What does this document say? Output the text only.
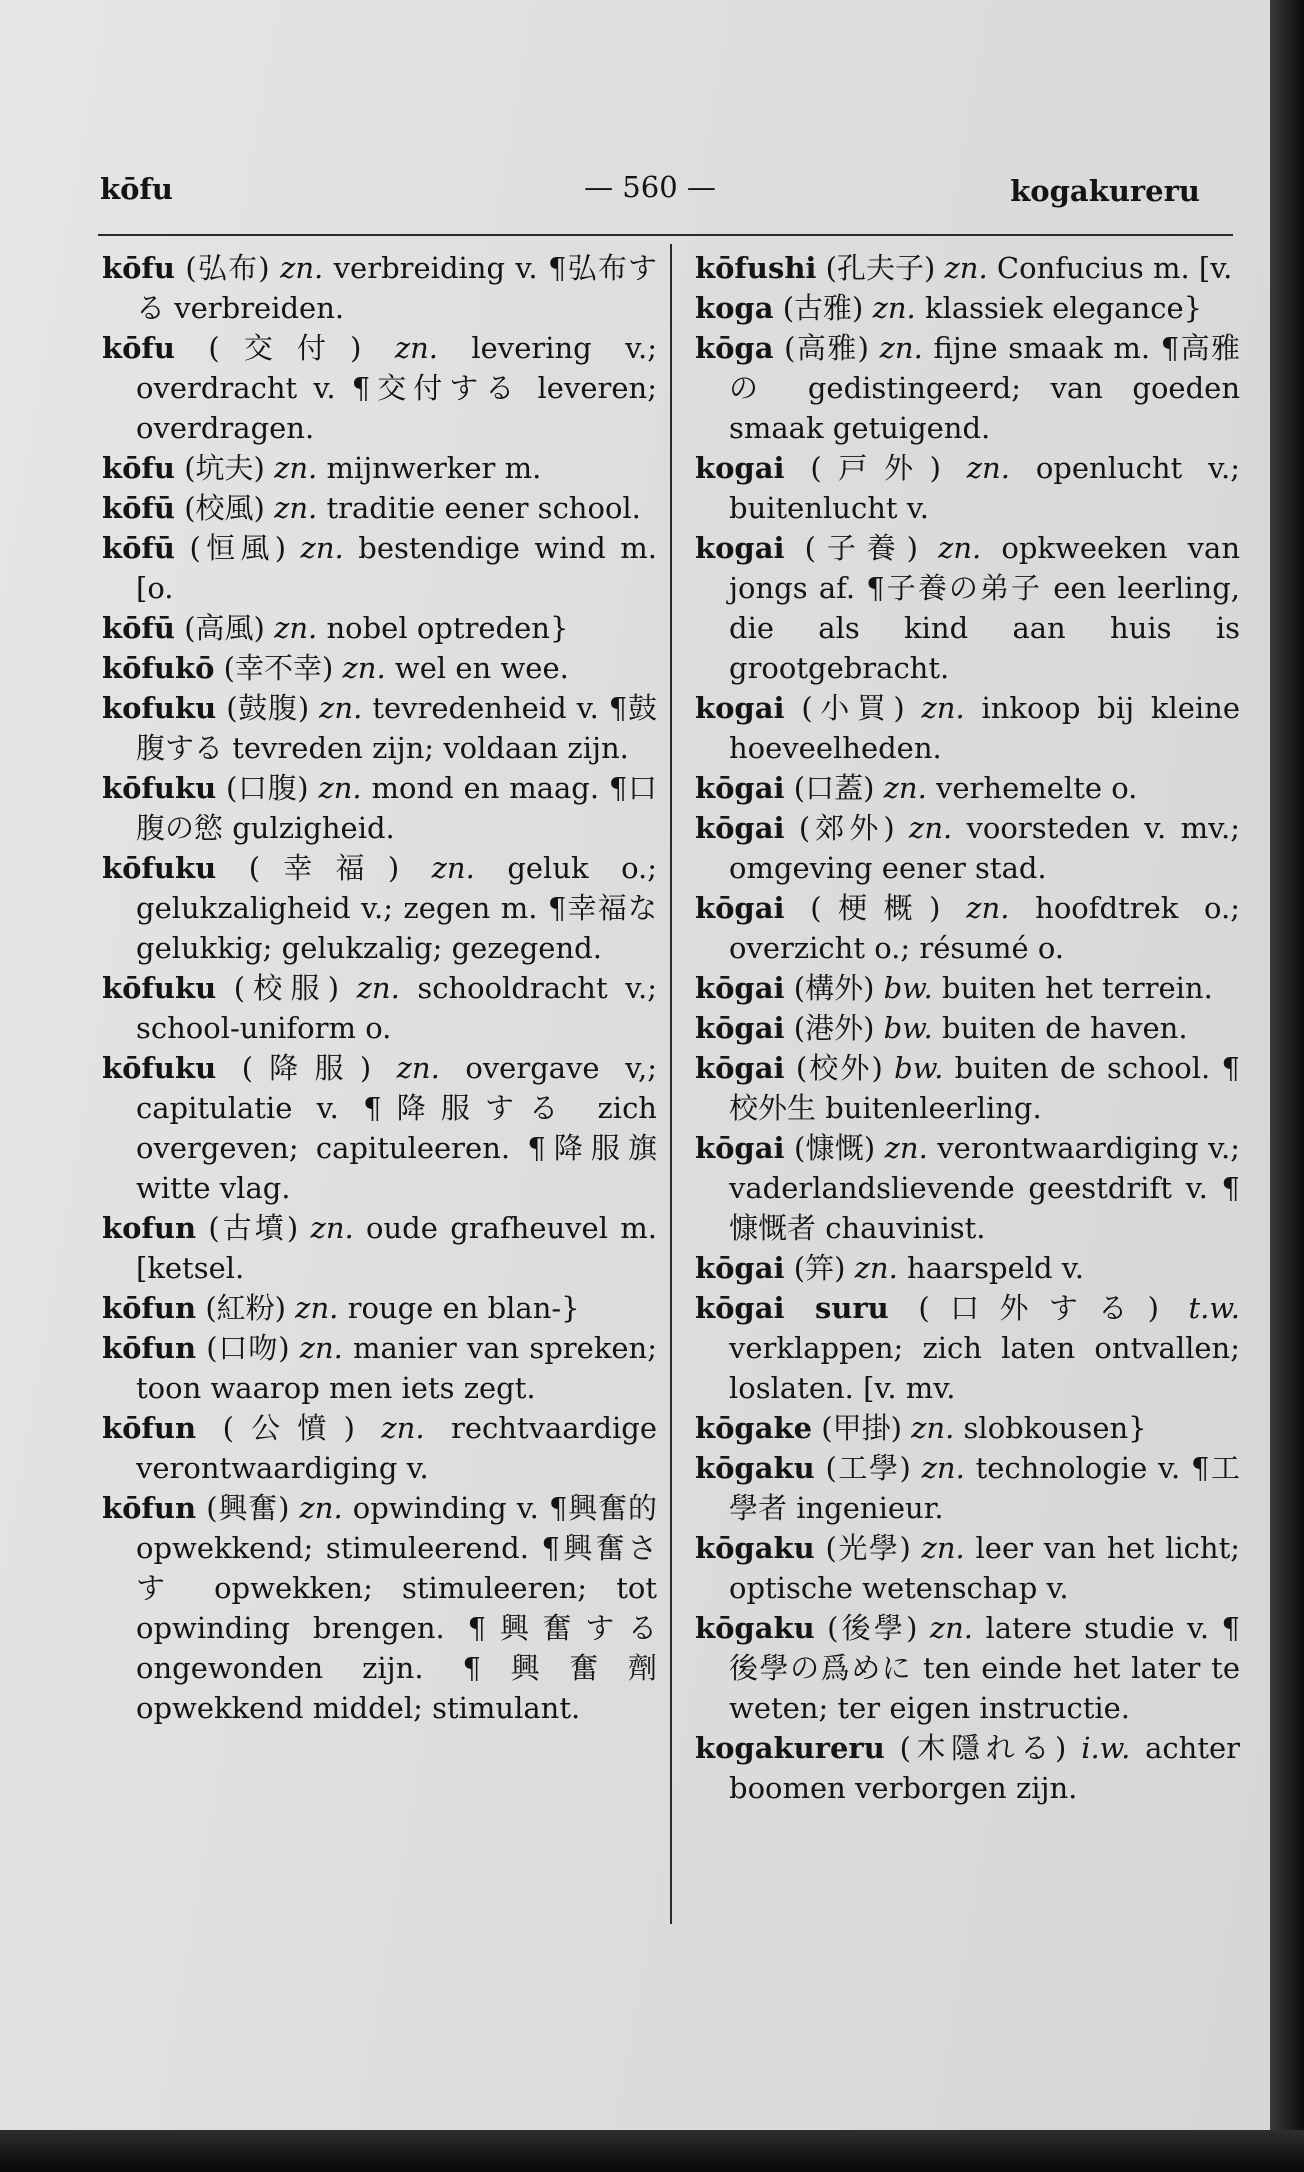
kōfu	— 560 —	kogakureru

kōfu (弘布) zn. verbreiding v. ¶弘布する verbreiden.

kōfu (交付) zn. levering v.; overdracht v. ¶交付する leveren; overdragen.

kōfu (坑夫) zn. mijnwerker m.

kōfū (校風) zn. traditie eener school.

kōfū (恒風) zn. bestendige wind m. [o.

kōfū (高風) zn. nobel optreden}

kōfukō (幸不幸) zn. wel en wee.

kofuku (鼓腹) zn. tevredenheid v. ¶鼓腹する tevreden zijn; voldaan zijn.

kōfuku (口腹) zn. mond en maag. ¶口腹の慾 gulzigheid.

kōfuku (幸福) zn. geluk o.; gelukzaligheid v.; zegen m. ¶幸福な gelukkig; gelukzalig; gezegend.

kōfuku (校服) zn. schooldracht v.; school-uniform o.

kōfuku (降服) zn. overgave v,; capitulatie v. ¶降服する zich overgeven; capituleeren. ¶降服旗 witte vlag.

kofun (古墳) zn. oude grafheuvel m. [ketsel.

kōfun (紅粉) zn. rouge en blan-}

kōfun (口吻) zn. manier van spreken; toon waarop men iets zegt.

kōfun (公憤) zn. rechtvaardige verontwaardiging v.

kōfun (興奮) zn. opwinding v. ¶興奮的 opwekkend; stimuleerend. ¶興奮さす opwekken; stimuleeren; tot opwinding brengen. ¶興奮する ongewonden zijn. ¶興奮劑 opwekkend middel; stimulant.

kōfushi (孔夫子) zn. Confucius m. [v.

koga (古雅) zn. klassiek elegance}

kōga (高雅) zn. fijne smaak m. ¶高雅の gedistingeerd; van goeden smaak getuigend.

kogai (戸外) zn. openlucht v.; buitenlucht v.

kogai (子養) zn. opkweeken van jongs af. ¶子養の弟子 een leerling, die als kind aan huis is grootgebracht.

kogai (小買) zn. inkoop bij kleine hoeveelheden.

kōgai (口蓋) zn. verhemelte o.

kōgai (郊外) zn. voorsteden v. mv.; omgeving eener stad.

kōgai (梗概) zn. hoofdtrek o.; overzicht o.; résumé o.

kōgai (構外) bw. buiten het terrein.

kōgai (港外) bw. buiten de haven.

kōgai (校外) bw. buiten de school. ¶校外生 buitenleerling.

kōgai (慷慨) zn. verontwaardiging v.; vaderlandslievende geestdrift v. ¶慷慨者 chauvinist.

kōgai (笄) zn. haarspeld v.

kōgai suru (口外する) t.w. verklappen; zich laten ontvallen; loslaten. [v. mv.

kōgake (甲掛) zn. slobkousen}

kōgaku (工學) zn. technologie v. ¶工學者 ingenieur.

kōgaku (光學) zn. leer van het licht; optische wetenschap v.

kōgaku (後學) zn. latere studie v. ¶後學の爲めに ten einde het later te weten; ter eigen instructie.

kogakureru (木隱れる) i.w. achter boomen verborgen zijn.
